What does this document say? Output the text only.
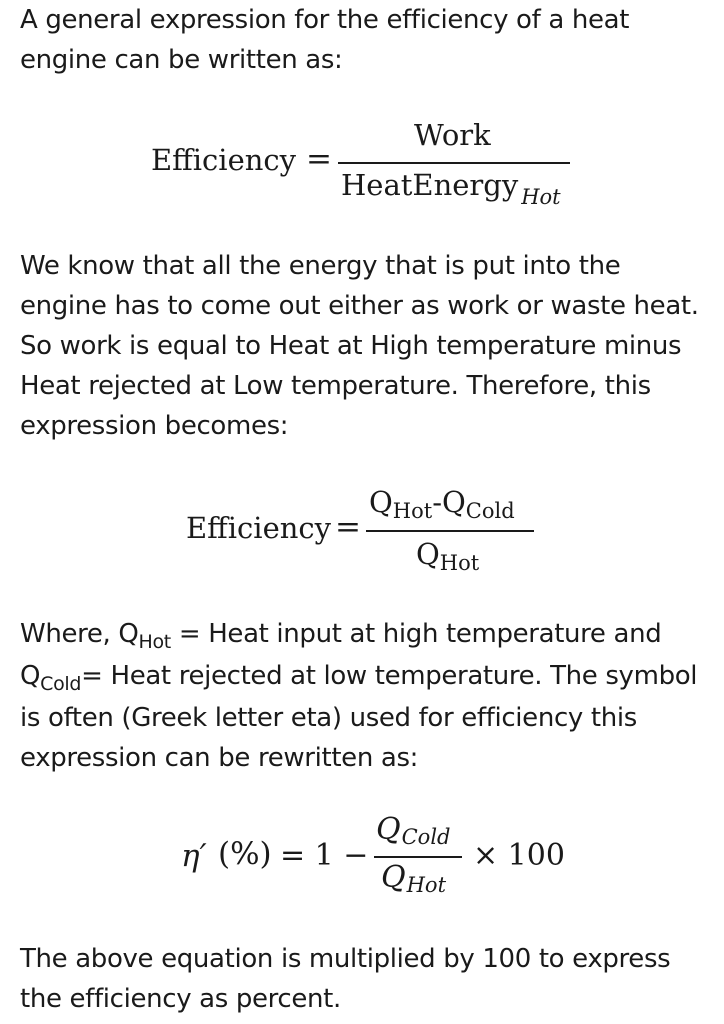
A general expression for the efficiency of a heat engine can be written as:

Efficiency =
Work
HeatEnergy $_{Hot}$

We know that all the energy that is put into the engine has to come out either as work or waste heat. So work is equal to Heat at High temperature minus Heat rejected at Low temperature. Therefore, this expression becomes:

Efficiency =
$Q_{Hot}-Q_{Cold}$
$Q_{Hot}$

Where, $Q_{Hot}$ = Heat input at high temperature and $Q_{Cold}=$ Heat rejected at low temperature. The symbol is often (Greek letter eta) used for efficiency this expression can be rewritten as:

η′ (%) = 1 −
QCold
QHot
× 100

The above equation is multiplied by 100 to express the efficiency as percent.
